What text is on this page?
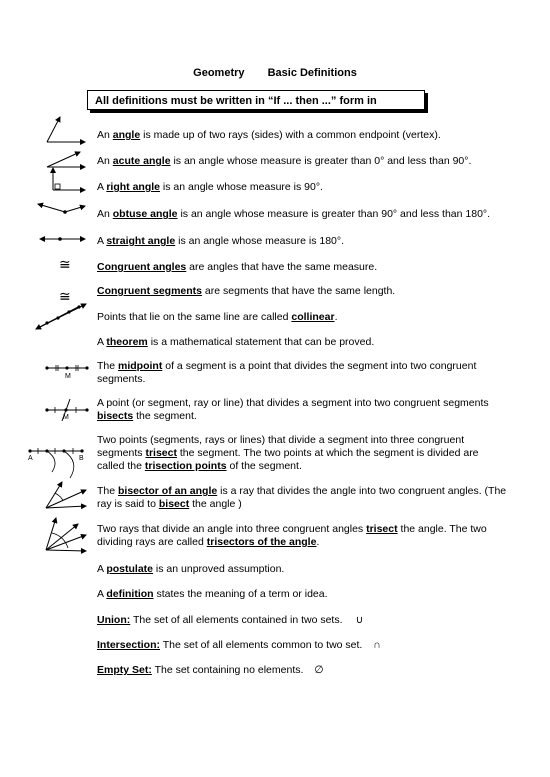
Geometry Basic Definitions
All definitions must be written in “If ... then ...” form in
An angle is made up of two rays (sides) with a common endpoint (vertex).
An acute angle is an angle whose measure is greater than 0° and less than 90°.
A right angle is an angle whose measure is 90°.
An obtuse angle is an angle whose measure is greater than 90° and less than 180°.
A straight angle is an angle whose measure is 180°.
Congruent angles are angles that have the same measure.
Congruent segments are segments that have the same length.
Points that lie on the same line are called collinear.
A theorem is a mathematical statement that can be proved.
The midpoint of a segment is a point that divides the segment into two congruent segments.
A point (or segment, ray or line) that divides a segment into two congruent segments bisects the segment.
Two points (segments, rays or lines) that divide a segment into three congruent segments trisect the segment. The two points at which the segment is divided are called the trisection points of the segment.
The bisector of an angle is a ray that divides the angle into two congruent angles. (The ray is said to bisect the angle )
Two rays that divide an angle into three congruent angles trisect the angle. The two dividing rays are called trisectors of the angle.
A postulate is an unproved assumption.
A definition states the meaning of a term or idea.
Union: The set of all elements contained in two sets. ∪
Intersection: The set of all elements common to two set. ∩
Empty Set: The set containing no elements. ∅
≅
≅
M
M
A	B
